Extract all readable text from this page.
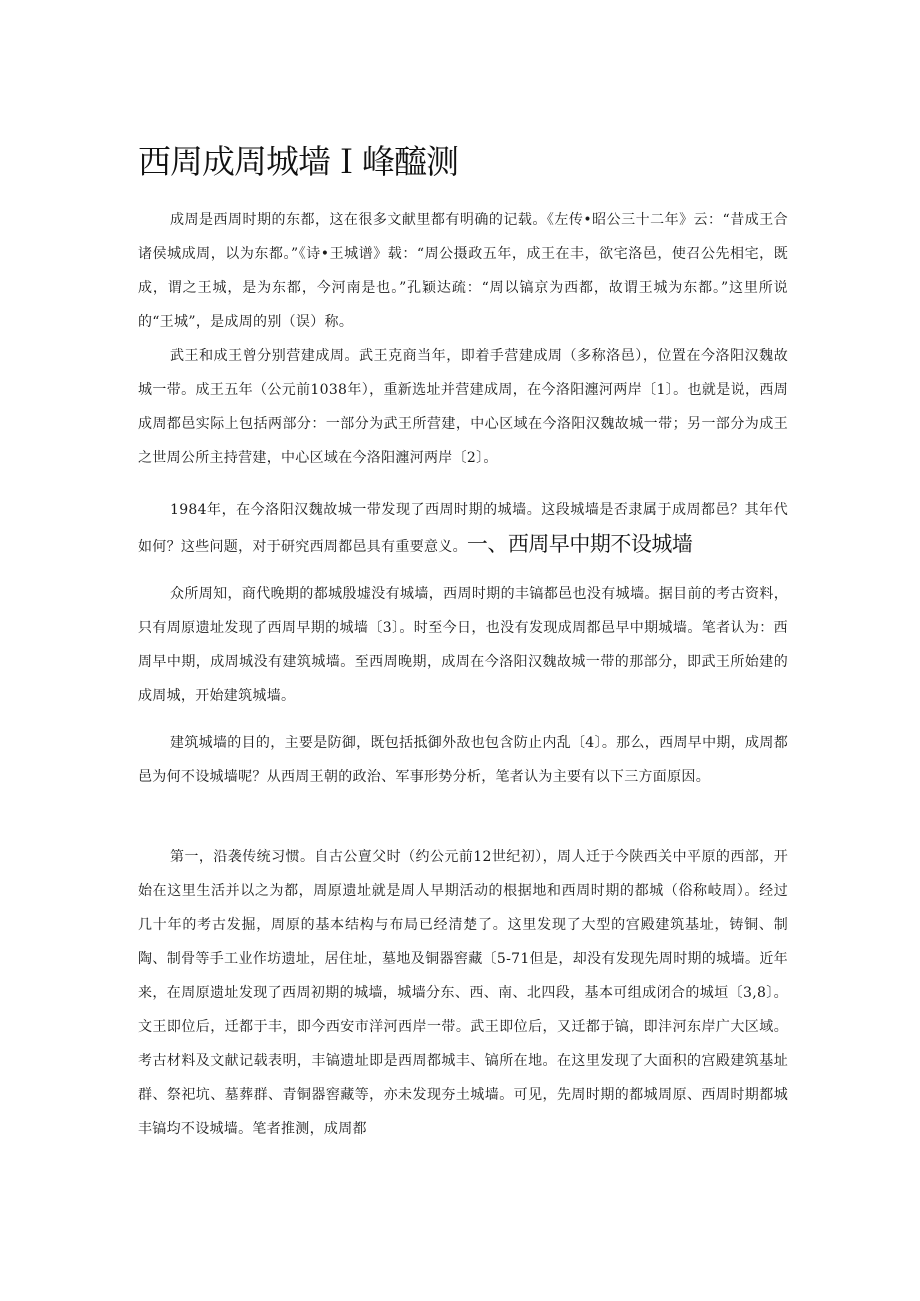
西周成周城墙Ｉ峰醯测

成周是西周时期的东都，这在很多文献里都有明确的记载。《左传•昭公三十二年》云：“昔成王合诸侯城成周，以为东都。”《诗•王城谱》载：“周公摄政五年，成王在丰，欲宅洛邑，使召公先相宅，既成，谓之王城，是为东都，今河南是也。”孔颖达疏：“周以镐京为西都，故谓王城为东都。”这里所说的“王城”，是成周的别（误）称。

武王和成王曾分别营建成周。武王克商当年，即着手营建成周（多称洛邑），位置在今洛阳汉魏故城一带。成王五年（公元前1038年），重新选址并营建成周，在今洛阳瀍河两岸〔1〕。也就是说，西周成周都邑实际上包括两部分：一部分为武王所营建，中心区域在今洛阳汉魏故城一带；另一部分为成王之世周公所主持营建，中心区域在今洛阳瀍河两岸〔2〕。

1984年，在今洛阳汉魏故城一带发现了西周时期的城墙。这段城墙是否隶属于成周都邑？其年代如何？这些问题，对于研究西周都邑具有重要意义。一、西周早中期不设城墙

众所周知，商代晚期的都城殷墟没有城墙，西周时期的丰镐都邑也没有城墙。据目前的考古资料，只有周原遗址发现了西周早期的城墙〔3〕。时至今日，也没有发现成周都邑早中期城墙。笔者认为：西周早中期，成周城没有建筑城墙。至西周晚期，成周在今洛阳汉魏故城一带的那部分，即武王所始建的成周城，开始建筑城墙。

建筑城墙的目的，主要是防御，既包括抵御外敌也包含防止内乱〔4〕。那么，西周早中期，成周都邑为何不设城墙呢？从西周王朝的政治、军事形势分析，笔者认为主要有以下三方面原因。

第一，沿袭传统习惯。自古公亶父时（约公元前12世纪初），周人迁于今陕西关中平原的西部，开始在这里生活并以之为都，周原遗址就是周人早期活动的根据地和西周时期的都城（俗称岐周）。经过几十年的考古发掘，周原的基本结构与布局已经清楚了。这里发现了大型的宫殿建筑基址，铸铜、制陶、制骨等手工业作坊遗址，居住址，墓地及铜器窖藏〔5-71但是，却没有发现先周时期的城墙。近年来，在周原遗址发现了西周初期的城墙，城墙分东、西、南、北四段，基本可组成闭合的城垣〔3,8〕。文王即位后，迁都于丰，即今西安市洋河西岸一带。武王即位后，又迁都于镐，即沣河东岸广大区域。考古材料及文献记载表明，丰镐遗址即是西周都城丰、镐所在地。在这里发现了大面积的宫殿建筑基址群、祭祀坑、墓葬群、青铜器窖藏等，亦未发现夯土城墙。可见，先周时期的都城周原、西周时期都城丰镐均不设城墙。笔者推测，成周都
